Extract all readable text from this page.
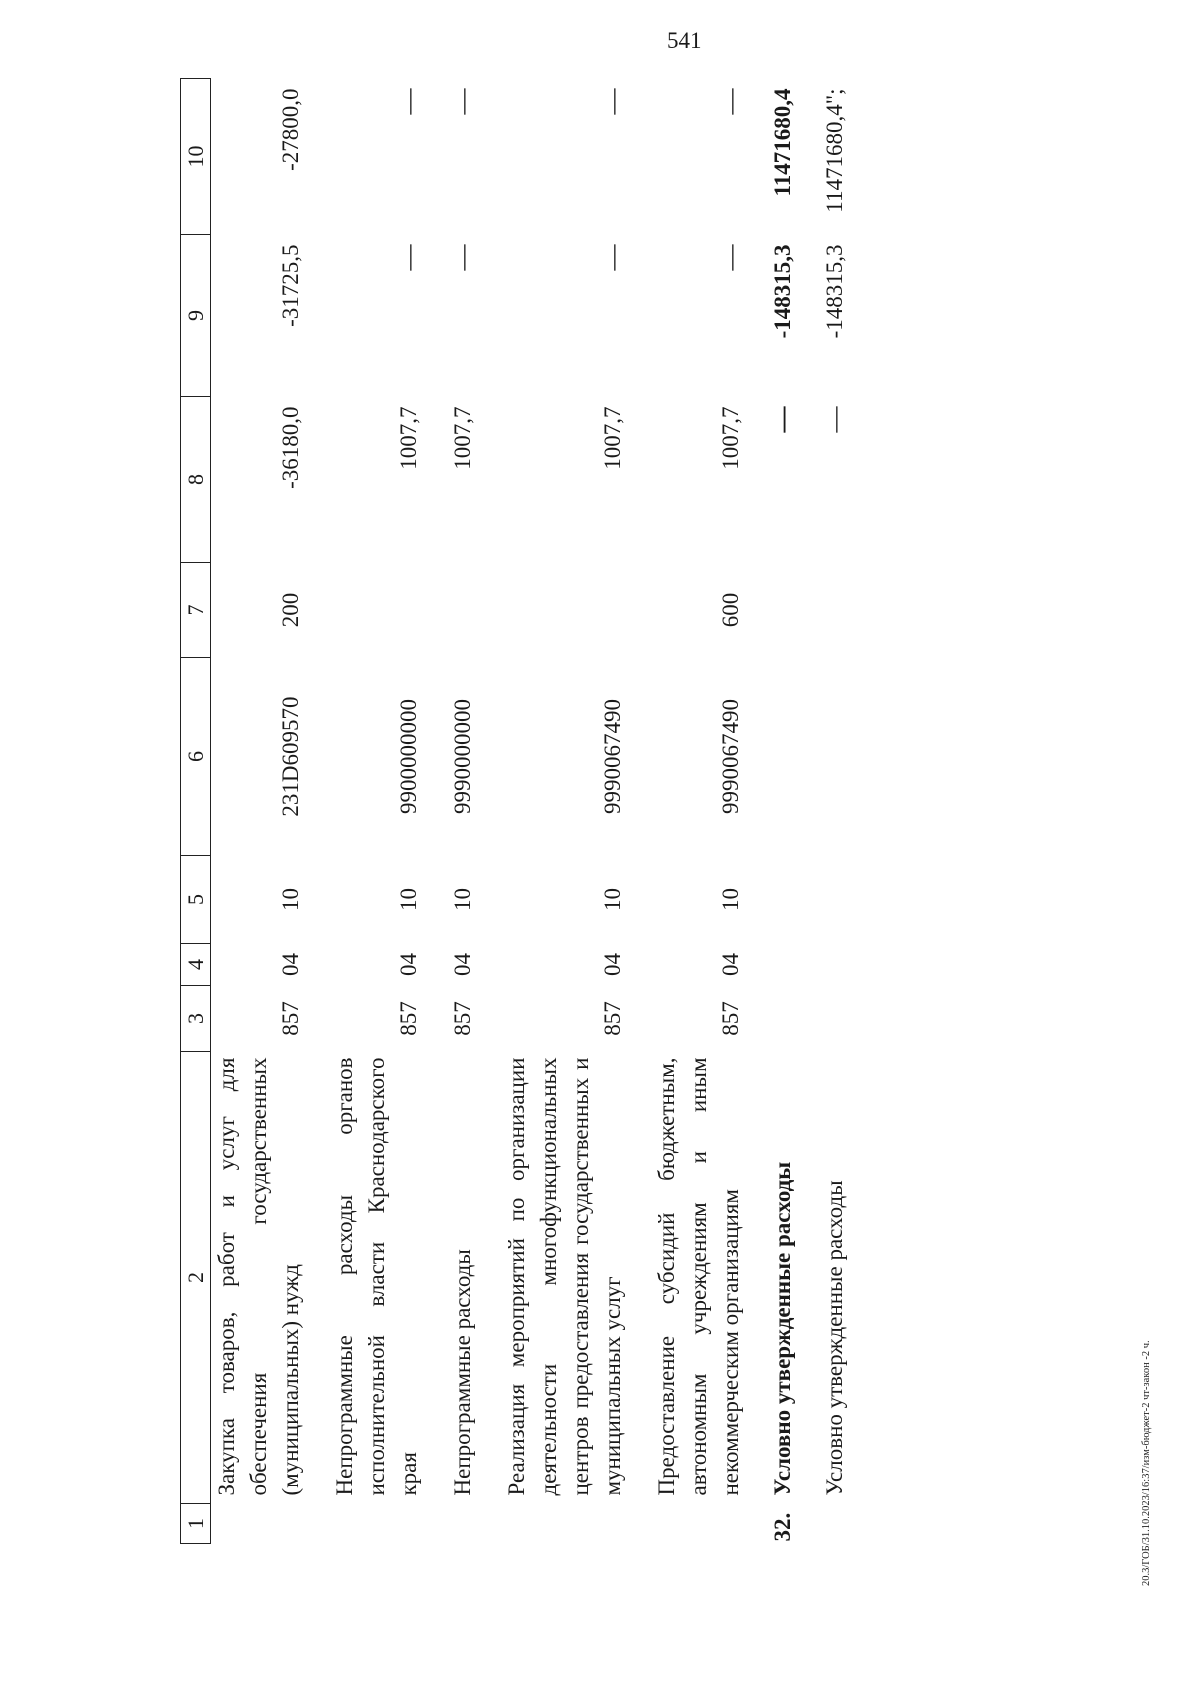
541
20.3/ГОБ/31.10.2023/16:37/изм-бюджет-2 чт-закон -2 ч.
1	2	3	4	5	6	7	8	9	10
	Закупка товаров, работ и услуг для обеспечения государственных (муниципальных) нужд	857	04	10	231D609570	200	-36180,0	-31725,5	-27800,0
	Непрограммные расходы органов исполнительной власти Краснодарского края	857	04	10	9900000000		1007,7	—	—
	Непрограммные расходы	857	04	10	9990000000		1007,7	—	—
	Реализация мероприятий по организации деятельности многофункциональных центров предоставления государственных и муниципальных услуг	857	04	10	9990067490		1007,7	—	—
	Предоставление субсидий бюджетным, автономным учреждениям и иным некоммерческим организациям	857	04	10	9990067490	600	1007,7	—	—
32.	Условно утвержденные расходы						—	-148315,3	11471680,4
	Условно утвержденные расходы						—	-148315,3	11471680,4";
